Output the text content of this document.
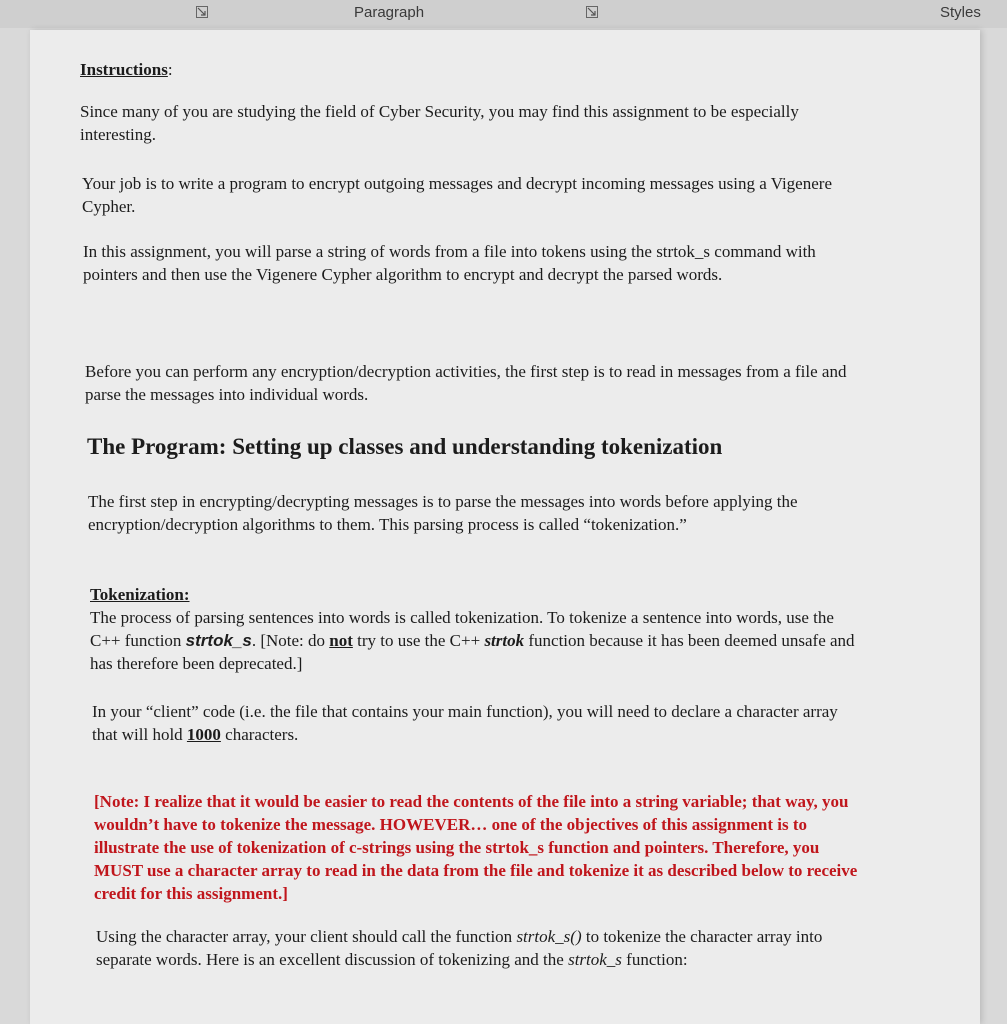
Paragraph	Styles
Instructions:

Since many of you are studying the field of Cyber Security, you may find this assignment to be especially interesting.

Your job is to write a program to encrypt outgoing messages and decrypt incoming messages using a Vigenere Cypher.

In this assignment, you will parse a string of words from a file into tokens using the strtok_s command with pointers and then use the Vigenere Cypher algorithm to encrypt and decrypt the parsed words.

Before you can perform any encryption/decryption activities, the first step is to read in messages from a file and parse the messages into individual words.

The Program: Setting up classes and understanding tokenization

The first step in encrypting/decrypting messages is to parse the messages into words before applying the encryption/decryption algorithms to them. This parsing process is called “tokenization.”

Tokenization:

The process of parsing sentences into words is called tokenization. To tokenize a sentence into words, use the C++ function strtok_s. [Note: do not try to use the C++ strtok function because it has been deemed unsafe and has therefore been deprecated.]

In your “client” code (i.e. the file that contains your main function), you will need to declare a character array that will hold 1000 characters.

[Note: I realize that it would be easier to read the contents of the file into a string variable; that way, you wouldn’t have to tokenize the message. HOWEVER… one of the objectives of this assignment is to illustrate the use of tokenization of c-strings using the strtok_s function and pointers. Therefore, you MUST use a character array to read in the data from the file and tokenize it as described below to receive credit for this assignment.]

Using the character array, your client should call the function strtok_s() to tokenize the character array into separate words. Here is an excellent discussion of tokenizing and the strtok_s function:
